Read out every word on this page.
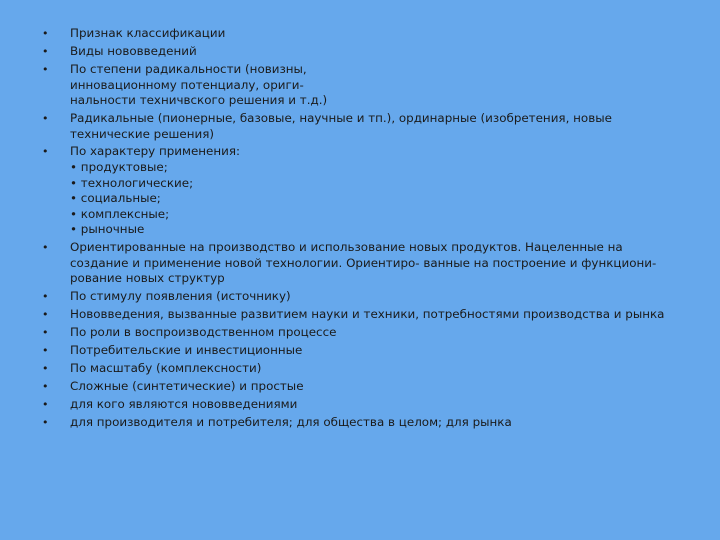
•
Признак классификации
•
Виды нововведений
•
По степени радикальности (новизны,
инновационному потенциалу, ориги-
нальности техничвского решения и т.д.)
•
Радикальные (пионерные, базовые, научные и тп.), ординарные (изобретения, новые
технические решения)
•
По характеру применения:
• продуктовые;
• технологические;
• социальные;
• комплексные;
• рыночные
•
Ориентированные на производство и использование новых продуктов. Нацеленные на
создание и применение новой технологии. Ориентиро- ванные на построение и функциони-
рование новых структур
•
По стимулу появления (источнику)
•
Нововведения, вызванные развитием науки и техники, потребностями производства и рынка
•
По роли в воспроизводственном процессе
•
Потребительские и инвестиционные
•
По масштабу (комплексности)
•
Сложные (синтетические) и простые
•
для кого являются нововведениями
•
для производителя и потребителя; для общества в целом; для рынка
